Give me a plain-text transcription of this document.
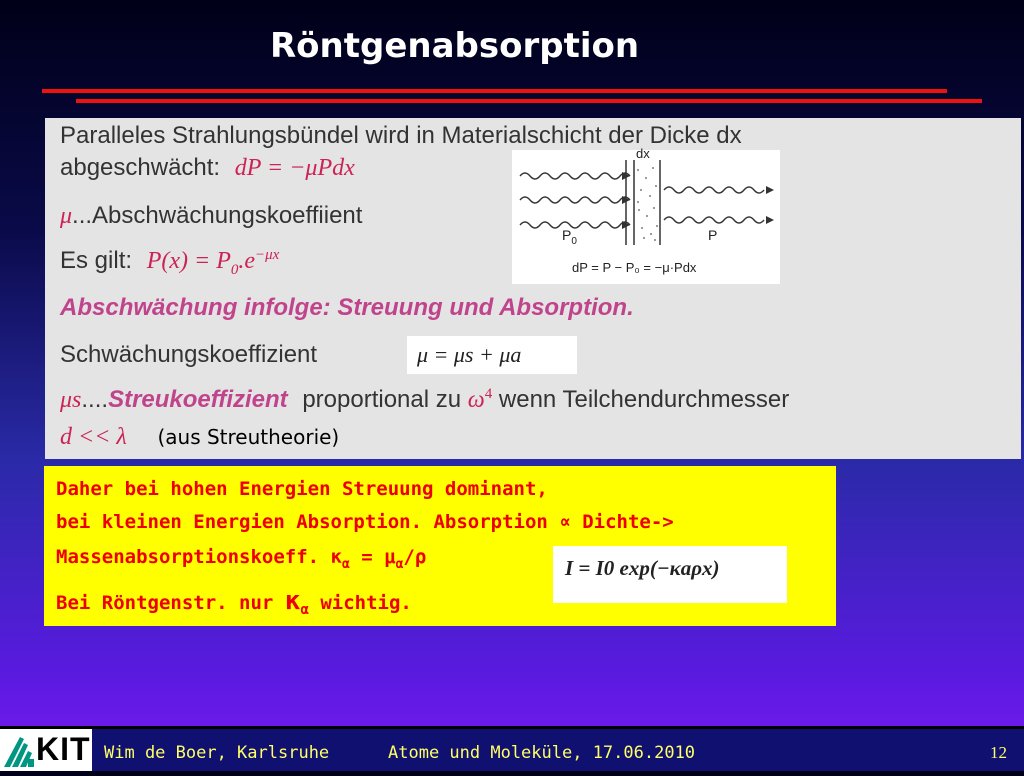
Röntgenabsorption
Paralleles Strahlungsbündel wird in Materialschicht der Dicke dx
abgeschwächt: dP = −μPdx
μ...Abschwächungskoeffiient
Es gilt: $P(x) = P_0.e^{-\mu x}$
Abschwächung infolge: Streuung und Absorption.
Schwächungskoeffizient	μ = μs + μa
μs....Streukoeffizient proportional zu $\omega^4$ wenn Teilchendurchmesser
d << λ (aus Streutheorie)
dx
$P_0$	P
dP = P − P₀ = −μ·Pdx
Daher bei hohen Energien Streuung dominant,
bei kleinen Energien Absorption. Absorption ∝ Dichte->
Massenabsorptionskoeff. $\kappa_\alpha = \mu_\alpha/\rho$
Bei Röntgenstr. nur $\kappa_\alpha$ wichtig.
I = I0 exp(−κaρx)
KIT Wim de Boer, Karlsruhe	Atome und Moleküle, 17.06.2010	12
